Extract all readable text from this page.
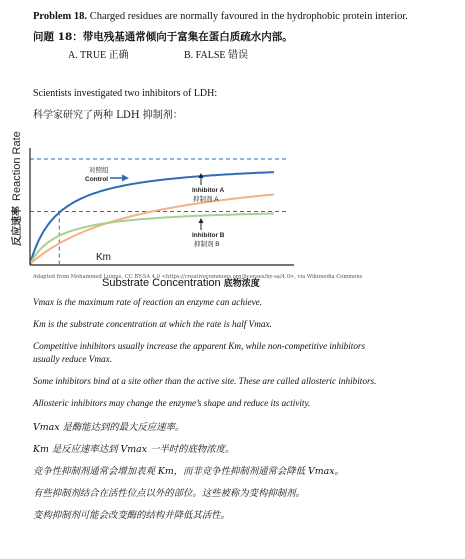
Problem 18. Charged residues are normally favoured in the hydrophobic protein interior.
问题 18：带电残基通常倾向于富集在蛋白质疏水内部。
A. TRUE 正确	B. FALSE 错误
Scientists investigated two inhibitors of LDH:
科学家研究了两种 LDH 抑制剂：
反应速率 Reaction Rate
Km
Substrate Concentration 底物浓度
对照组
Control
Inhibitor A
抑制剂 A
Inhibitor B
抑制剂 B
Adapted from Mohammed Luique, CC BY-SA 4.0 <https://creativecommons.org/licenses/by-sa/4.0>, via Wikimedia Commons
Vmax is the maximum rate of reaction an enzyme can achieve.
Km is the substrate concentration at which the rate is half Vmax.
Competitive inhibitors usually increase the apparent Km, while non-competitive inhibitors
usually reduce Vmax.
Some inhibitors bind at a site other than the active site. These are called allosteric inhibitors.
Allosteric inhibitors may change the enzyme’s shape and reduce its activity.
Vmax 是酶能达到的最大反应速率。
Km 是反应速率达到 Vmax 一半时的底物浓度。
竞争性抑制剂通常会增加表观 Km，而非竞争性抑制剂通常会降低 Vmax。
有些抑制剂结合在活性位点以外的部位。这些被称为变构抑制剂。
变构抑制剂可能会改变酶的结构并降低其活性。
